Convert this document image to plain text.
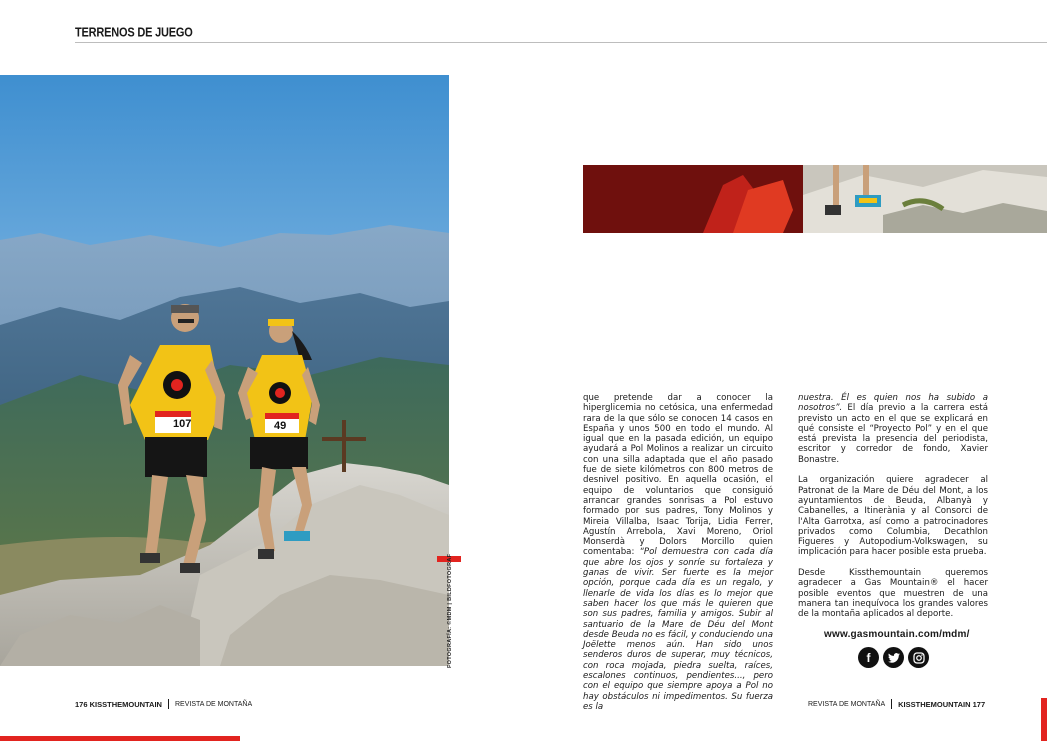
TERRENOS DE JUEGO
107	49
FOTOGRAFÍA: ©MDM | BILDFOTOGRAF

que pretende dar a conocer la hiperglicemia no cetósica, una enfermedad rara de la que sólo se conocen 14 casos en España y unos 500 en todo el mundo. Al igual que en la pasada edición, un equipo ayudará a Pol Molinos a realizar un circuito con una silla adaptada que el año pasado fue de siete kilómetros con 800 metros de desnivel positivo. En aquella ocasión, el equipo de voluntarios que consiguió arrancar grandes sonrisas a Pol estuvo formado por sus padres, Tony Molinos y Mireia Villalba, Isaac Torija, Lidia Ferrer, Agustín Arrebola, Xavi Moreno, Oriol Monserdà y Dolors Morcillo quien comentaba: “Pol demuestra con cada día que abre los ojos y sonríe su fortaleza y ganas de vivir. Ser fuerte es la mejor opción, porque cada día es un regalo, y llenarle de vida los días es lo mejor que saben hacer los que más le quieren que son sus padres, familia y amigos. Subir al santuario de la Mare de Déu del Mont desde Beuda no es fácil, y conduciendo una Joëlette menos aún. Han sido unos senderos duros de superar, muy técnicos, con roca mojada, piedra suelta, raíces, escalones continuos, pendientes..., pero con el equipo que siempre apoya a Pol no hay obstáculos ni impedimentos. Su fuerza es la

nuestra. Él es quien nos ha subido a nosotros”. El día previo a la carrera está previsto un acto en el que se explicará en qué consiste el “Proyecto Pol” y en el que está prevista la presencia del periodista, escritor y corredor de fondo, Xavier Bonastre.

La organización quiere agradecer al Patronat de la Mare de Déu del Mont, a los ayuntamientos de Beuda, Albanyà y Cabanelles, a Itinerània y al Consorci de l'Alta Garrotxa, así como a patrocinadores privados como Columbia, Decathlon Figueres y Autopodium-Volkswagen, su implicación para hacer posible esta prueba.

Desde Kissthemountain queremos agradecer a Gas Mountain® el hacer posible eventos que muestren de una manera tan inequívoca los grandes valores de la montaña aplicados al deporte.

www.gasmountain.com/mdm/
f
176 KISSTHEMOUNTAIN REVISTA DE MONTAÑA	REVISTA DE MONTAÑA KISSTHEMOUNTAIN 177
